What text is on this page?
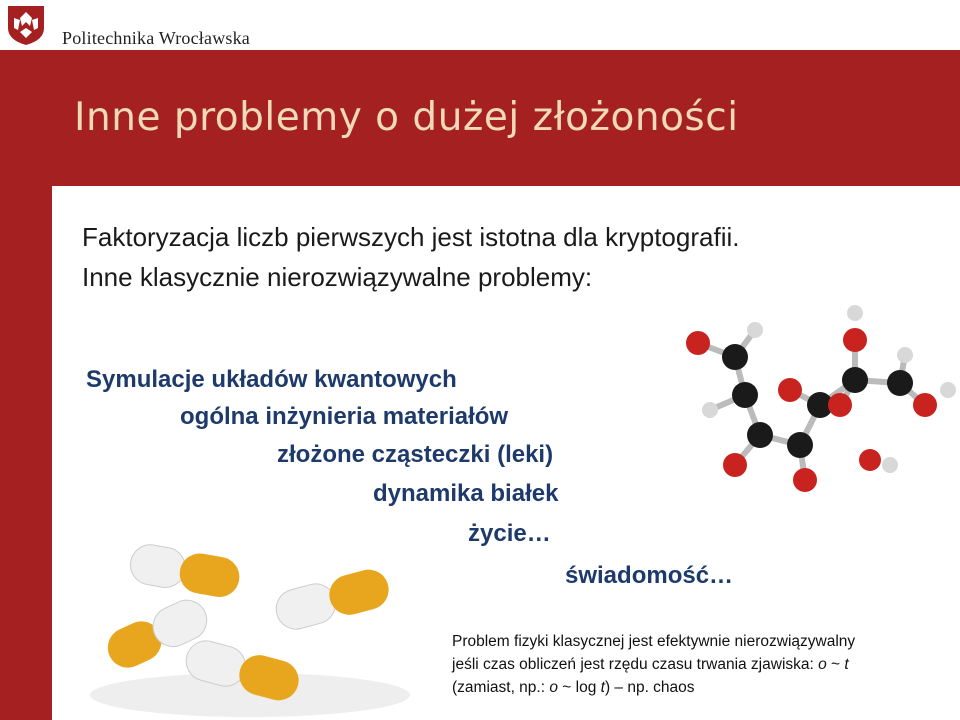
Politechnika Wrocławska
Inne problemy o dużej złożoności
Faktoryzacja liczb pierwszych jest istotna dla kryptografii.
Inne klasycznie nierozwiązywalne problemy:
Symulacje układów kwantowych
ogólna inżynieria materiałów
złożone cząsteczki (leki)
dynamika białek
życie…
świadomość…
Problem fizyki klasycznej jest efektywnie nierozwiązywalny
jeśli czas obliczeń jest rzędu czasu trwania zjawiska: o ~ t
(zamiast, np.: o ~ log t) – np. chaos
